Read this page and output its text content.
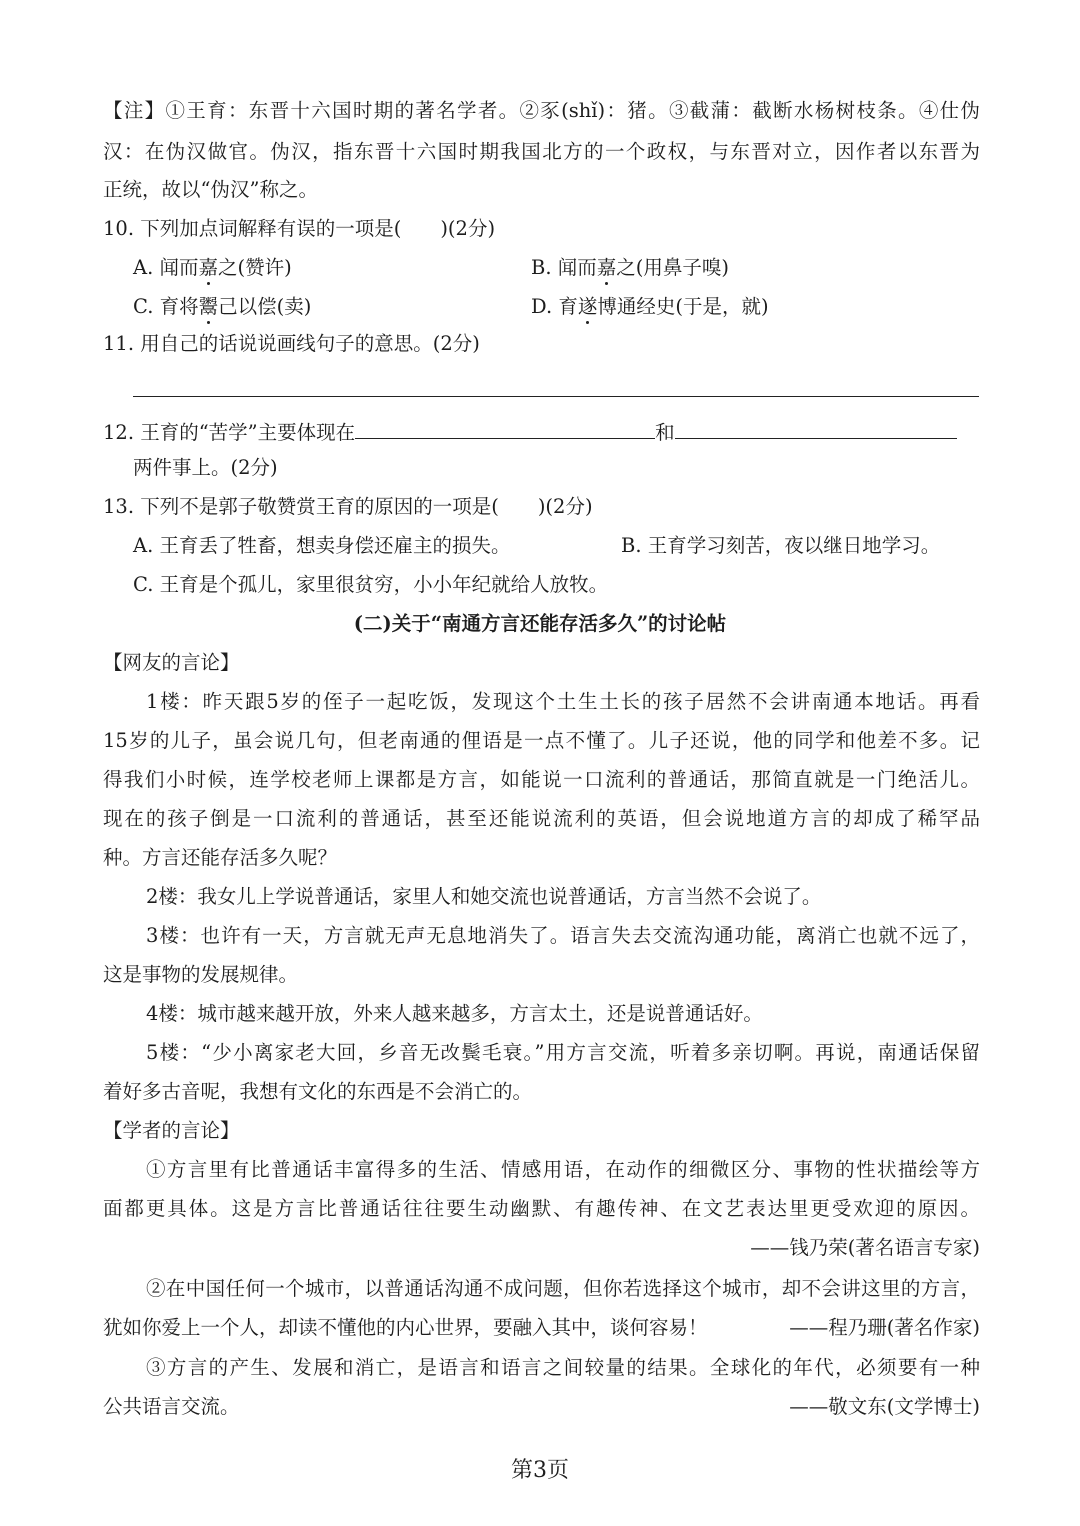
【注】①王育：东晋十六国时期的著名学者。②豕(shǐ)：猪。③截蒲：截断水杨树枝条。④仕伪
汉：在伪汉做官。伪汉，指东晋十六国时期我国北方的一个政权，与东晋对立，因作者以东晋为
正统，故以“伪汉”称之。
10. 下列加点词解释有误的一项是(　　)(2分)
A. 闻而嘉之(赞许)	B. 闻而嘉之(用鼻子嗅)
C. 育将鬻己以偿(卖)	D. 育遂博通经史(于是，就)
11. 用自己的话说说画线句子的意思。(2分)
12. 王育的“苦学”主要体现在	和
两件事上。(2分)
13. 下列不是郭子敬赞赏王育的原因的一项是(　　)(2分)
A. 王育丢了牲畜，想卖身偿还雇主的损失。	B. 王育学习刻苦，夜以继日地学习。
C. 王育是个孤儿，家里很贫穷，小小年纪就给人放牧。
(二)关于“南通方言还能存活多久”的讨论帖
【网友的言论】
1楼：昨天跟5岁的侄子一起吃饭，发现这个土生土长的孩子居然不会讲南通本地话。再看
15岁的儿子，虽会说几句，但老南通的俚语是一点不懂了。儿子还说，他的同学和他差不多。记
得我们小时候，连学校老师上课都是方言，如能说一口流利的普通话，那简直就是一门绝活儿。
现在的孩子倒是一口流利的普通话，甚至还能说流利的英语，但会说地道方言的却成了稀罕品
种。方言还能存活多久呢？
2楼：我女儿上学说普通话，家里人和她交流也说普通话，方言当然不会说了。
3楼：也许有一天，方言就无声无息地消失了。语言失去交流沟通功能，离消亡也就不远了，
这是事物的发展规律。
4楼：城市越来越开放，外来人越来越多，方言太土，还是说普通话好。
5楼：“少小离家老大回，乡音无改鬓毛衰。”用方言交流，听着多亲切啊。再说，南通话保留
着好多古音呢，我想有文化的东西是不会消亡的。
【学者的言论】
①方言里有比普通话丰富得多的生活、情感用语，在动作的细微区分、事物的性状描绘等方
面都更具体。这是方言比普通话往往要生动幽默、有趣传神、在文艺表达里更受欢迎的原因。
——钱乃荣(著名语言专家)
②在中国任何一个城市，以普通话沟通不成问题，但你若选择这个城市，却不会讲这里的方言，
犹如你爱上一个人，却读不懂他的内心世界，要融入其中，谈何容易！	——程乃珊(著名作家)
③方言的产生、发展和消亡，是语言和语言之间较量的结果。全球化的年代，必须要有一种
公共语言交流。	——敬文东(文学博士)
第3页
